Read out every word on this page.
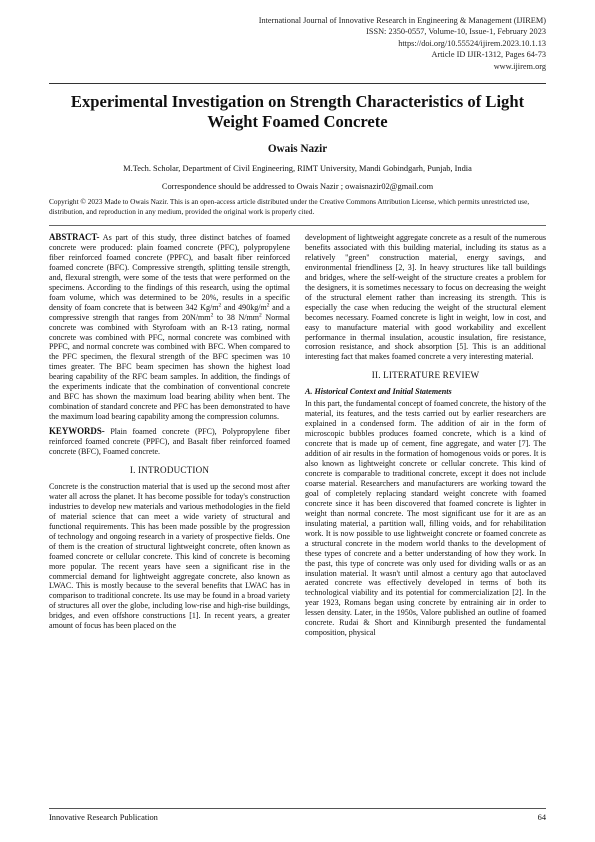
International Journal of Innovative Research in Engineering & Management (IJIREM)
ISSN: 2350-0557, Volume-10, Issue-1, February 2023
https://doi.org/10.55524/ijirem.2023.10.1.13
Article ID IJIR-1312, Pages 64-73
www.ijirem.org
Experimental Investigation on Strength Characteristics of Light Weight Foamed Concrete
Owais Nazir
M.Tech. Scholar, Department of Civil Engineering, RIMT University, Mandi Gobindgarh, Punjab, India
Correspondence should be addressed to Owais Nazir ; owaisnazir02@gmail.com
Copyright © 2023 Made to Owais Nazir. This is an open-access article distributed under the Creative Commons Attribution License, which permits unrestricted use, distribution, and reproduction in any medium, provided the original work is properly cited.

ABSTRACT- As part of this study, three distinct batches of foamed concrete were produced: plain foamed concrete (PFC), polypropylene fiber reinforced foamed concrete (PPFC), and basalt fiber reinforced foamed concrete (BFC). Compressive strength, splitting tensile strength, and, flexural strength, were some of the tests that were performed on the specimens. According to the findings of this research, using the optimal foam volume, which was determined to be 20%, results in a specific density of foam concrete that is between 342 $Kg/m^2$ and $490kg/m^2$ and a compressive strength that ranges from $20N/mm^2$ to 38 $N/mm^2$ Normal concrete was combined with Styrofoam with an R-13 rating, normal concrete was combined with PFC, normal concrete was combined with PPFC, and normal concrete was combined with BFC. When compared to the PFC specimen, the flexural strength of the BFC specimen was 10 times greater. The BFC beam specimen has shown the highest load bearing capability of the RFC beam samples. In addition, the findings of the experiments indicate that the combination of conventional concrete and BFC has shown the maximum load bearing ability when bent. The combination of standard concrete and PFC has been demonstrated to have the maximum load bearing capability among the compression columns.

KEYWORDS- Plain foamed concrete (PFC), Polypropylene fiber reinforced foamed concrete (PPFC), and Basalt fiber reinforced foamed concrete (BFC), Foamed concrete.

I. INTRODUCTION

Concrete is the construction material that is used up the second most after water all across the planet. It has become possible for today's construction industries to develop new materials and various methodologies in the field of material science that can meet a wide variety of structural and functional requirements. This has been made possible by the progression of technology and ongoing research in a variety of prospective fields. One of them is the creation of structural lightweight concrete, often known as foamed concrete or cellular concrete. This kind of concrete is becoming more popular. The recent years have seen a significant rise in the commercial demand for lightweight aggregate concrete, also known as LWAC. This is mostly because to the several benefits that LWAC has in comparison to traditional concrete. Its use may be found in a broad variety of structures all over the globe, including low-rise and high-rise buildings, bridges, and even offshore constructions [1]. In recent years, a greater amount of focus has been placed on the

development of lightweight aggregate concrete as a result of the numerous benefits associated with this building material, including its status as a relatively "green" construction material, energy savings, and environmental friendliness [2, 3]. In heavy structures like tall buildings and bridges, where the self-weight of the structure creates a problem for the designers, it is sometimes necessary to focus on decreasing the weight of the structural element rather than increasing its strength. This is especially the case when reducing the weight of the structural element becomes necessary. Foamed concrete is light in weight, low in cost, and easy to manufacture material with good workability and excellent performance in thermal insulation, acoustic insulation, fire resistance, corrosion resistance, and shock absorption [5]. This is an additional interesting fact that makes foamed concrete a very interesting material.

II. LITERATURE REVIEW
A. Historical Context and Initial Statements

In this part, the fundamental concept of foamed concrete, the history of the material, its features, and the tests carried out by earlier researchers are explained in a condensed form. The addition of air in the form of microscopic bubbles produces foamed concrete, which is a kind of concrete that is made up of cement, fine aggregate, and water [7]. The addition of air results in the formation of homogenous voids or pores. It is also known as lightweight concrete or cellular concrete. This kind of concrete is comparable to traditional concrete, except it does not include coarse material. Researchers and manufacturers are working toward the goal of completely replacing standard weight concrete with foamed concrete since it has been discovered that foamed concrete is lighter in weight than normal concrete. The most significant use for it are as an insulating material, a partition wall, filling voids, and for rehabilitation work. It is now possible to use lightweight concrete or foamed concrete as a structural concrete in the modern world thanks to the development of these types of concrete and a better understanding of how they work. In the past, this type of concrete was only used for dividing walls or as an insulation material. It wasn't until almost a century ago that autoclaved aerated concrete was effectively developed in terms of both its technological viability and its potential for commercialization [2]. In the year 1923, Romans began using concrete by entraining air in order to lessen density. Later, in the 1950s, Valore published an outline of foamed concrete. Rudai & Short and Kinniburgh presented the fundamental composition, physical

Innovative Research Publication	64
